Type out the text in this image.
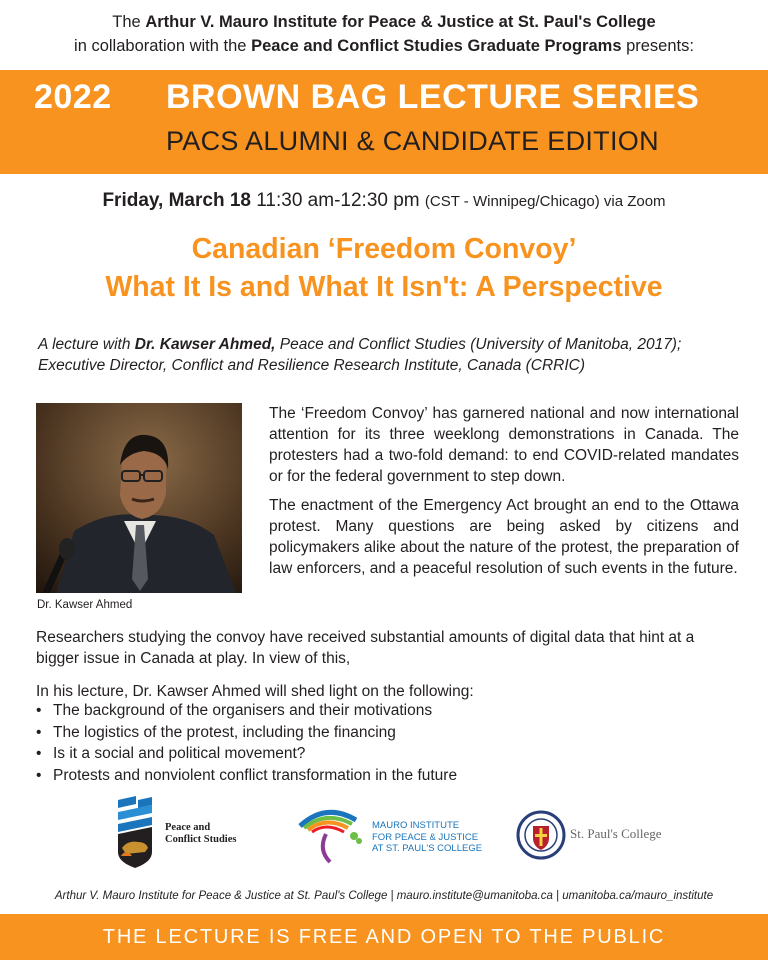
The Arthur V. Mauro Institute for Peace & Justice at St. Paul's College
in collaboration with the Peace and Conflict Studies Graduate Programs presents:
2022 BROWN BAG LECTURE SERIES
PACS ALUMNI & CANDIDATE EDITION
Friday, March 18 11:30 am-12:30 pm (CST - Winnipeg/Chicago) via Zoom
Canadian ‘Freedom Convoy’
What It Is and What It Isn't: A Perspective
A lecture with Dr. Kawser Ahmed, Peace and Conflict Studies (University of Manitoba, 2017);
Executive Director, Conflict and Resilience Research Institute, Canada (CRRIC)
Dr. Kawser Ahmed

The ‘Freedom Convoy’ has garnered national and now international attention for its three weeklong demonstrations in Canada. The protesters had a two-fold demand: to end COVID-related mandates or for the federal government to step down.

The enactment of the Emergency Act brought an end to the Ottawa protest. Many questions are being asked by citizens and policymakers alike about the nature of the protest, the preparation of law enforcers, and a peaceful resolution of such events in the future.

Researchers studying the convoy have received substantial amounts of digital data that hint at a bigger issue in Canada at play. In view of this,

In his lecture, Dr. Kawser Ahmed will shed light on the following:
• The background of the organisers and their motivations
• The logistics of the protest, including the financing
• Is it a social and political movement?
• Protests and nonviolent conflict transformation in the future
Peace and
Conflict Studies
MAURO INSTITUTE
FOR PEACE & JUSTICE
AT ST. PAUL'S COLLEGE
St. Paul's College
Arthur V. Mauro Institute for Peace & Justice at St. Paul's College | mauro.institute@umanitoba.ca | umanitoba.ca/mauro_institute
THE LECTURE IS FREE AND OPEN TO THE PUBLIC
